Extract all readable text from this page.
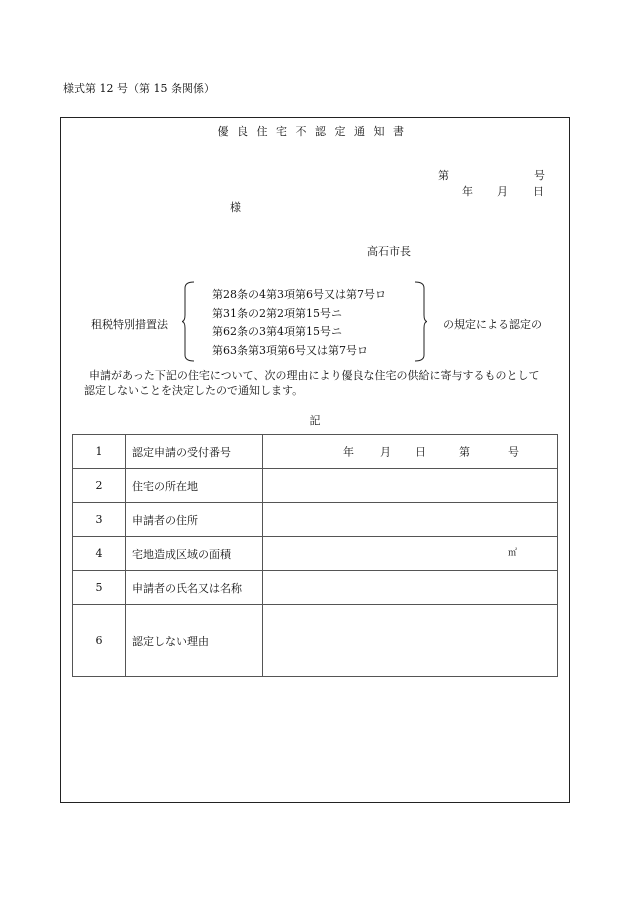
様式第 12 号（第 15 条関係）
優良住宅不認定通知書
第	号
年 月 日
様
高石市長
租税特別措置法
第28条の4第3項第6号又は第7号ロ
第31条の2第2項第15号ニ
第62条の3第4項第15号ニ
第63条第3項第6号又は第7号ロ
の規定による認定の
申請があった下記の住宅について、次の理由により優良な住宅の供給に寄与するものとして
認定しないことを決定したので通知します。
記
1	認定申請の受付番号	年 月 日 第 号

2	住宅の所在地	
3	申請者の住所	
4	宅地造成区域の面積	㎡

5	申請者の氏名又は名称	
6	認定しない理由	
